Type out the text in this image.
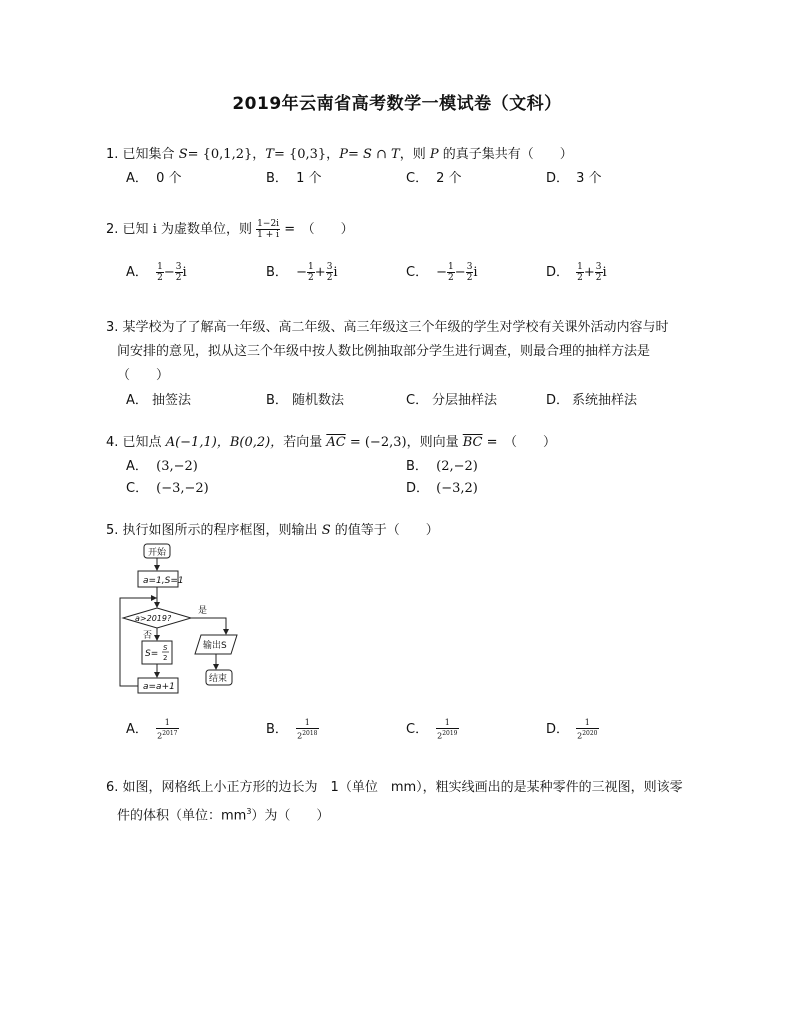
2019年云南省高考数学一模试卷（文科）
1. 已知集合 S= {0,1,2}，T= {0,3}，P= S ∩ T，则 P 的真子集共有（　　）
A． 0 个	B． 1 个	C． 2 个	D． 3 个
2. 已知 i 为虚数单位，则 $\frac{1-2i}{1 + i}$ =　（　　）
A． $\frac{1}{2} - \frac{3}{2}$ i	B． − $\frac{1}{2} + \frac{3}{2}$ i	C． − $\frac{1}{2} - \frac{3}{2}$ i	D． $\frac{1}{2} + \frac{3}{2}$ i
3. 某学校为了了解高一年级、高二年级、高三年级这三个年级的学生对学校有关课外活动内容与时
间安排的意见，拟从这三个年级中按人数比例抽取部分学生进行调查，则最合理的抽样方法是
（　　）
A． 抽签法	B． 随机数法	C． 分层抽样法	D． 系统抽样法
4. 已知点 A(−1,1)，B(0,2)，若向量 $\overline{AC} = (-2,3)$，则向量 $\overline{BC}$ =　（　　）
A． (3,−2)	B． (2,−2)
C． (−3,−2)	D． (−3,2)
5. 执行如图所示的程序框图，则输出 S 的值等于（　　）
开始
a=1,S=1
a>2019?
是
否
S=
S
2
a=a+1
输出S
结束
A． $\frac{1}{2^{2017}}$	B． $\frac{1}{2^{2018}}$	C． $\frac{1}{2^{2019}}$	D． $\frac{1}{2^{2020}}$
6. 如图，网格纸上小正方形的边长为　1（单位　mm），粗实线画出的是某种零件的三视图，则该零
件的体积（单位：$mm^3$）为（　　）
